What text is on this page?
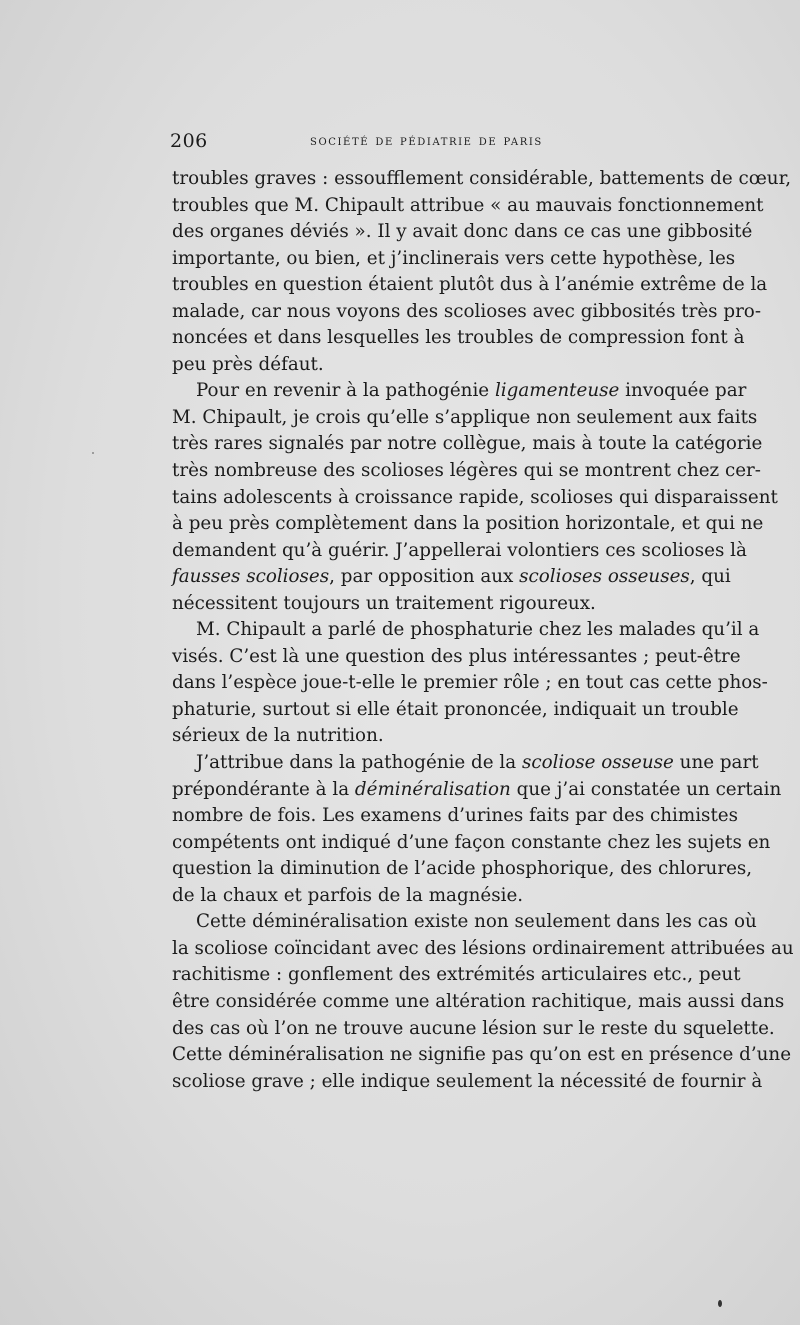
206	société de pédiatrie de paris
troubles graves : essoufflement considérable, battements de cœur,
troubles que M. Chipault attribue « au mauvais fonctionnement
des organes déviés ». Il y avait donc dans ce cas une gibbosité
importante, ou bien, et j’inclinerais vers cette hypothèse, les
troubles en question étaient plutôt dus à l’anémie extrême de la
malade, car nous voyons des scolioses avec gibbosités très pro-
noncées et dans lesquelles les troubles de compression font à
peu près défaut.
Pour en revenir à la pathogénie ligamenteuse invoquée par
M. Chipault, je crois qu’elle s’applique non seulement aux faits
très rares signalés par notre collègue, mais à toute la catégorie
très nombreuse des scolioses légères qui se montrent chez cer-
tains adolescents à croissance rapide, scolioses qui disparaissent
à peu près complètement dans la position horizontale, et qui ne
demandent qu’à guérir. J’appellerai volontiers ces scolioses là
fausses scolioses, par opposition aux scolioses osseuses, qui
nécessitent toujours un traitement rigoureux.
M. Chipault a parlé de phosphaturie chez les malades qu’il a
visés. C’est là une question des plus intéressantes ; peut-être
dans l’espèce joue-t-elle le premier rôle ; en tout cas cette phos-
phaturie, surtout si elle était prononcée, indiquait un trouble
sérieux de la nutrition.
J’attribue dans la pathogénie de la scoliose osseuse une part
prépondérante à la déminéralisation que j’ai constatée un certain
nombre de fois. Les examens d’urines faits par des chimistes
compétents ont indiqué d’une façon constante chez les sujets en
question la diminution de l’acide phosphorique, des chlorures,
de la chaux et parfois de la magnésie.
Cette déminéralisation existe non seulement dans les cas où
la scoliose coïncidant avec des lésions ordinairement attribuées au
rachitisme : gonflement des extrémités articulaires etc., peut
être considérée comme une altération rachitique, mais aussi dans
des cas où l’on ne trouve aucune lésion sur le reste du squelette.
Cette déminéralisation ne signifie pas qu’on est en présence d’une
scoliose grave ; elle indique seulement la nécessité de fournir à
